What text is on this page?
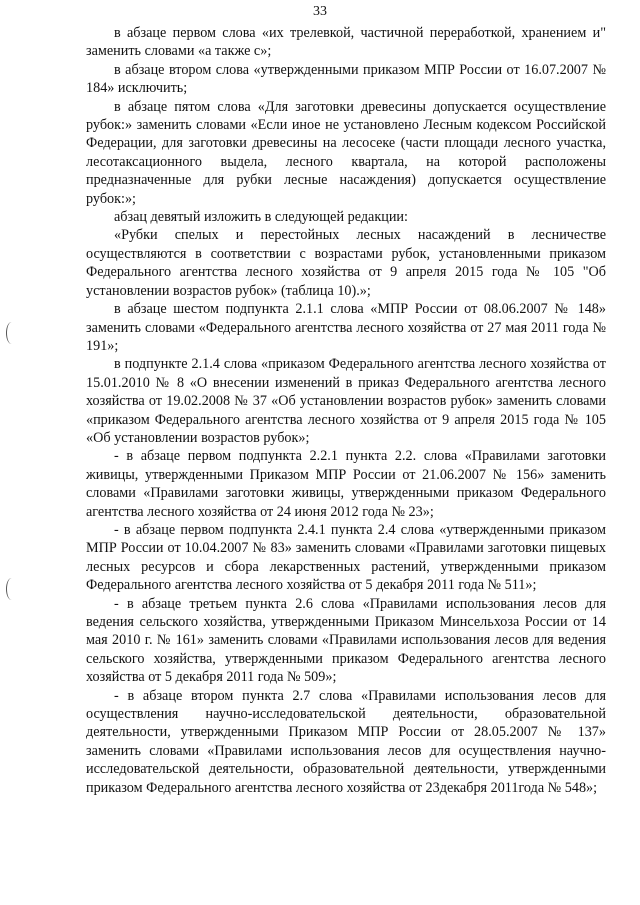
33

в абзаце первом слова «их трелевкой, частичной переработкой, хранением и" заменить словами «а также с»;

в абзаце втором слова «утвержденными приказом МПР России от 16.07.2007 № 184» исключить;

в абзаце пятом слова «Для заготовки древесины допускается осуществление рубок:» заменить словами «Если иное не установлено Лесным кодексом Российской Федерации, для заготовки древесины на лесосеке (части площади лесного участка, лесотаксационного выдела, лесного квартала, на которой расположены предназначенные для рубки лесные насаждения) допускается осуществление рубок:»;

абзац девятый изложить в следующей редакции:

«Рубки спелых и перестойных лесных насаждений в лесничестве осуществляются в соответствии с возрастами рубок, установленными приказом Федерального агентства лесного хозяйства от 9 апреля 2015 года № 105 "Об установлении возрастов рубок» (таблица 10).»;

в абзаце шестом подпункта 2.1.1 слова «МПР России от 08.06.2007 № 148» заменить словами «Федерального агентства лесного хозяйства от 27 мая 2011 года № 191»;

в подпункте 2.1.4 слова «приказом Федерального агентства лесного хозяйства от 15.01.2010 № 8 «О внесении изменений в приказ Федерального агентства лесного хозяйства от 19.02.2008 № 37 «Об установлении возрастов рубок» заменить словами «приказом Федерального агентства лесного хозяйства от 9 апреля 2015 года № 105 «Об установлении возрастов рубок»;

- в абзаце первом подпункта 2.2.1 пункта 2.2. слова «Правилами заготовки живицы, утвержденными Приказом МПР России от 21.06.2007 № 156» заменить словами «Правилами заготовки живицы, утвержденными приказом Федерального агентства лесного хозяйства от 24 июня 2012 года № 23»;

- в абзаце первом подпункта 2.4.1 пункта 2.4 слова «утвержденными приказом МПР России от 10.04.2007 № 83» заменить словами «Правилами заготовки пищевых лесных ресурсов и сбора лекарственных растений, утвержденными приказом Федерального агентства лесного хозяйства от 5 декабря 2011 года № 511»;

- в абзаце третьем пункта 2.6 слова «Правилами использования лесов для ведения сельского хозяйства, утвержденными Приказом Минсельхоза России от 14 мая 2010 г. № 161» заменить словами «Правилами использования лесов для ведения сельского хозяйства, утвержденными приказом Федерального агентства лесного хозяйства от 5 декабря 2011 года № 509»;

- в абзаце втором пункта 2.7 слова «Правилами использования лесов для осуществления научно-исследовательской деятельности, образовательной деятельности, утвержденными Приказом МПР России от 28.05.2007 № 137» заменить словами «Правилами использования лесов для осуществления научно-исследовательской деятельности, образовательной деятельности, утвержденными приказом Федерального агентства лесного хозяйства от 23декабря 2011года № 548»;
